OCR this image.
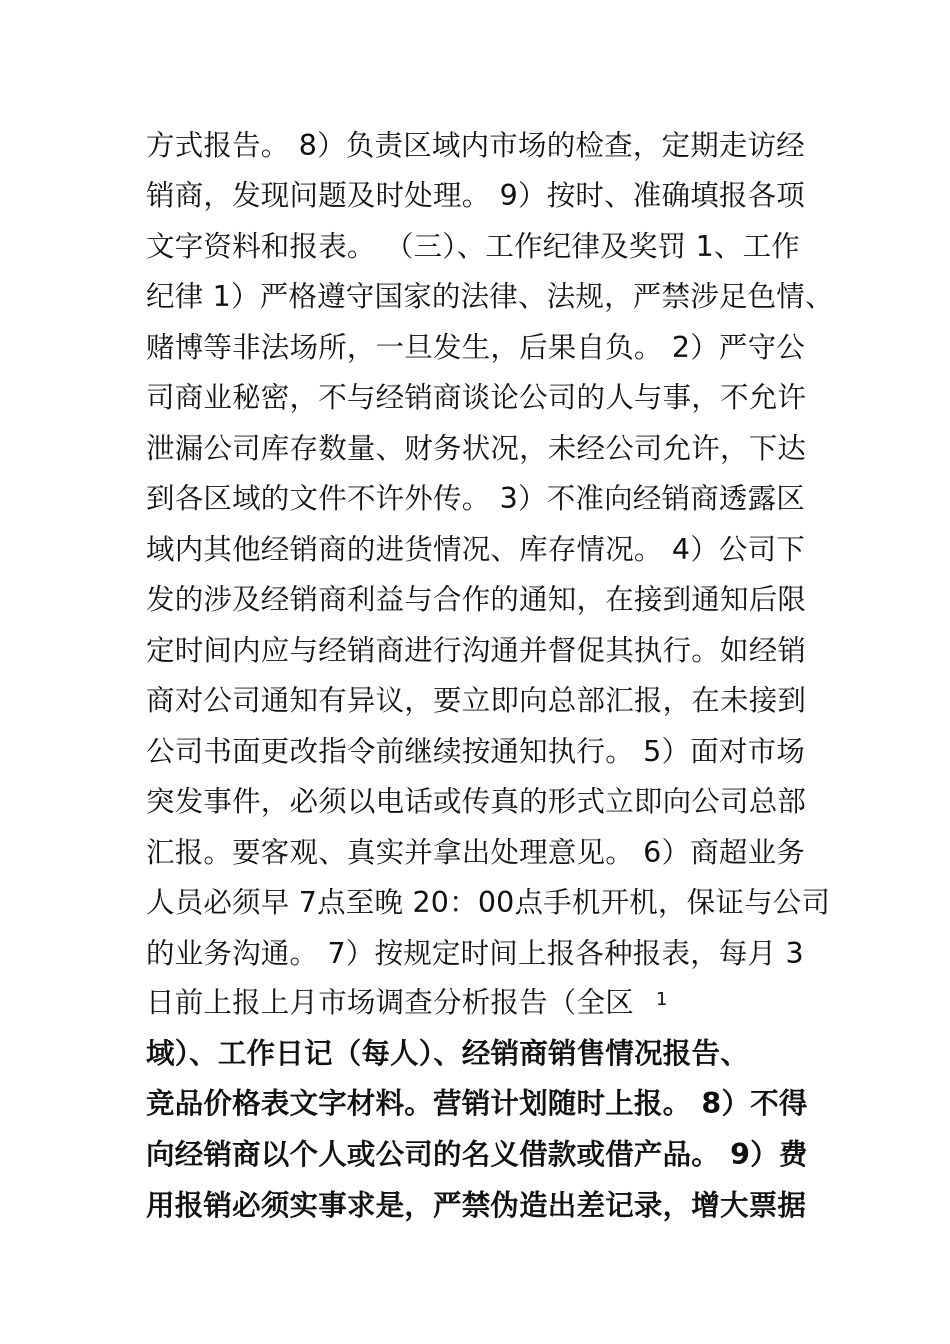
方式报告。 8）负责区域内市场的检查，定期走访经
销商，发现问题及时处理。 9）按时、准确填报各项
文字资料和报表。 （三）、工作纪律及奖罚 1、工作
纪律 1）严格遵守国家的法律、法规，严禁涉足色情、
赌博等非法场所，一旦发生，后果自负。 2）严守公
司商业秘密，不与经销商谈论公司的人与事，不允许
泄漏公司库存数量、财务状况，未经公司允许，下达
到各区域的文件不许外传。 3）不准向经销商透露区
域内其他经销商的进货情况、库存情况。 4）公司下
发的涉及经销商利益与合作的通知，在接到通知后限
定时间内应与经销商进行沟通并督促其执行。如经销
商对公司通知有异议，要立即向总部汇报，在未接到
公司书面更改指令前继续按通知执行。 5）面对市场
突发事件，必须以电话或传真的形式立即向公司总部
汇报。要客观、真实并拿出处理意见。 6）商超业务
人员必须早 7点至晚 20：00点手机开机，保证与公司
的业务沟通。 7）按规定时间上报各种报表，每月 3
日前上报上月市场调查分析报告（全区 1
域）、工作日记（每人）、经销商销售情况报告、
竞品价格表文字材料。营销计划随时上报。 8）不得
向经销商以个人或公司的名义借款或借产品。 9）费
用报销必须实事求是，严禁伪造出差记录，增大票据
